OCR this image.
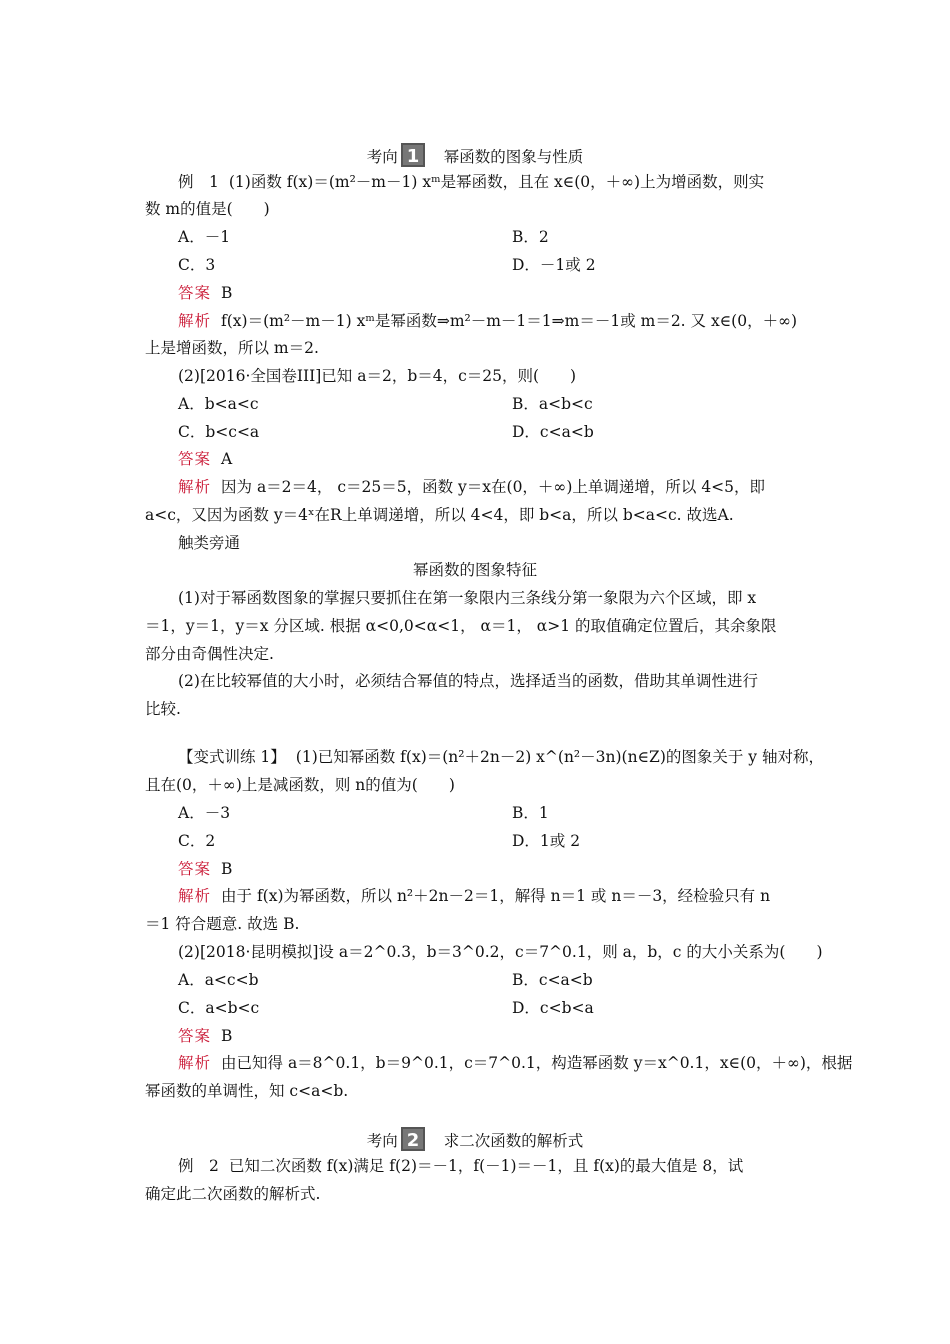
考向 1 幂函数的图象与性质
例　1 (1)函数 f(x)＝(m²－m－1) xᵐ是幂函数，且在 x∈(0，＋∞)上为增函数，则实
数 m的值是(　　)
A．－1	B．2
C．3	D．－1或 2
答案 B
解析 f(x)＝(m²－m－1) xᵐ是幂函数⇒m²－m－1＝1⇒m＝－1或 m＝2. 又 x∈(0，＋∞)
上是增函数，所以 m＝2.
(2)[2016·全国卷III]已知 a＝2，b＝4，c＝25，则(　　)
A．b<a<c	B．a<b<c
C．b<c<a	D．c<a<b
答案 A
解析 因为 a＝2＝4， c＝25＝5，函数 y＝x在(0，＋∞)上单调递增，所以 4<5，即
a<c，又因为函数 y＝4ˣ在R上单调递增，所以 4<4，即 b<a，所以 b<a<c. 故选A.
触类旁通
幂函数的图象特征
(1)对于幂函数图象的掌握只要抓住在第一象限内三条线分第一象限为六个区域，即 x
＝1，y＝1，y＝x 分区域. 根据 α<0,0<α<1， α＝1， α>1 的取值确定位置后，其余象限
部分由奇偶性决定.
(2)在比较幂值的大小时，必须结合幂值的特点，选择适当的函数，借助其单调性进行
比较.
【变式训练 1】 (1)已知幂函数 f(x)＝(n²＋2n－2) x^(n²－3n)(n∈Z)的图象关于 y 轴对称，
且在(0，＋∞)上是减函数，则 n的值为(　　)
A．－3	B．1
C．2	D．1或 2
答案 B
解析 由于 f(x)为幂函数，所以 n²＋2n－2＝1，解得 n＝1 或 n＝－3，经检验只有 n
＝1 符合题意. 故选 B.
(2)[2018·昆明模拟]设 a＝2^0.3，b＝3^0.2，c＝7^0.1，则 a，b，c 的大小关系为(　　)
A．a<c<b	B．c<a<b
C．a<b<c	D．c<b<a
答案 B
解析 由已知得 a＝8^0.1，b＝9^0.1，c＝7^0.1，构造幂函数 y＝x^0.1，x∈(0，＋∞)，根据
幂函数的单调性，知 c<a<b.
考向 2 求二次函数的解析式
例　2 已知二次函数 f(x)满足 f(2)＝－1，f(－1)＝－1，且 f(x)的最大值是 8，试
确定此二次函数的解析式.
